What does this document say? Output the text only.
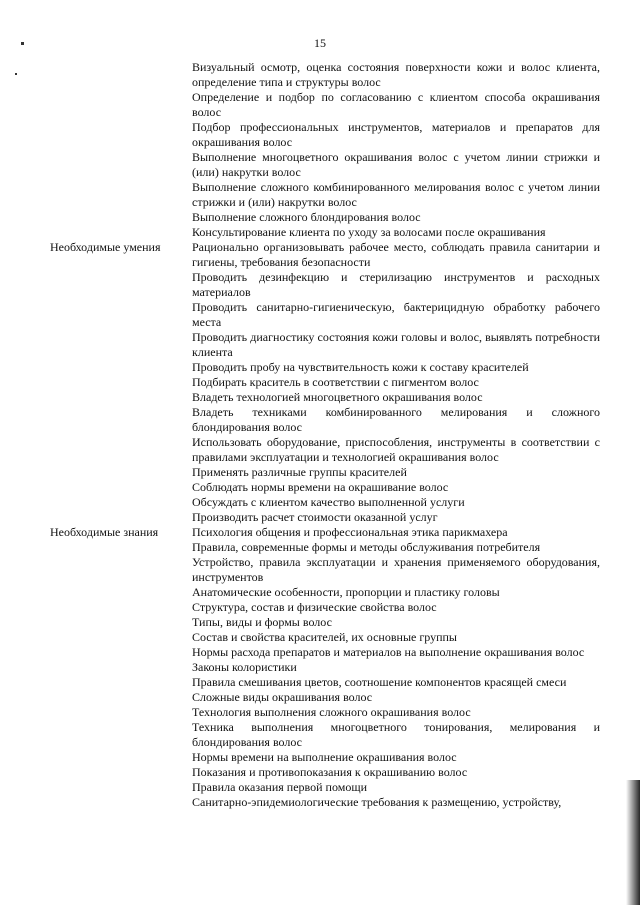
15

Визуальный осмотр, оценка состояния поверхности кожи и волос клиента, определение типа и структуры волос

Определение и подбор по согласованию с клиентом способа окрашивания волос

Подбор профессиональных инструментов, материалов и препаратов для окрашивания волос

Выполнение многоцветного окрашивания волос с учетом линии стрижки и (или) накрутки волос

Выполнение сложного комбинированного мелирования волос с учетом линии стрижки и (или) накрутки волос

Выполнение сложного блондирования волос

Консультирование клиента по уходу за волосами после окрашивания

Необходимые умения	Рационально организовывать рабочее место, соблюдать правила санитарии и гигиены, требования безопасности

Проводить дезинфекцию и стерилизацию инструментов и расходных материалов

Проводить санитарно-гигиеническую, бактерицидную обработку рабочего места

Проводить диагностику состояния кожи головы и волос, выявлять потребности клиента

Проводить пробу на чувствительность кожи к составу красителей

Подбирать краситель в соответствии с пигментом волос

Владеть технологией многоцветного окрашивания волос

Владеть техниками комбинированного мелирования и сложного блондирования волос

Использовать оборудование, приспособления, инструменты в соответствии с правилами эксплуатации и технологией окрашивания волос

Применять различные группы красителей

Соблюдать нормы времени на окрашивание волос

Обсуждать с клиентом качество выполненной услуги

Производить расчет стоимости оказанной услуг

Необходимые знания	Психология общения и профессиональная этика парикмахера

Правила, современные формы и методы обслуживания потребителя

Устройство, правила эксплуатации и хранения применяемого оборудования, инструментов

Анатомические особенности, пропорции и пластику головы

Структура, состав и физические свойства волос

Типы, виды и формы волос

Состав и свойства красителей, их основные группы

Нормы расхода препаратов и материалов на выполнение окрашивания волос

Законы колористики

Правила смешивания цветов, соотношение компонентов красящей смеси

Сложные виды окрашивания волос

Технология выполнения сложного окрашивания волос

Техника выполнения многоцветного тонирования, мелирования и блондирования волос

Нормы времени на выполнение окрашивания волос

Показания и противопоказания к окрашиванию волос

Правила оказания первой помощи

Санитарно-эпидемиологические требования к размещению, устройству,
